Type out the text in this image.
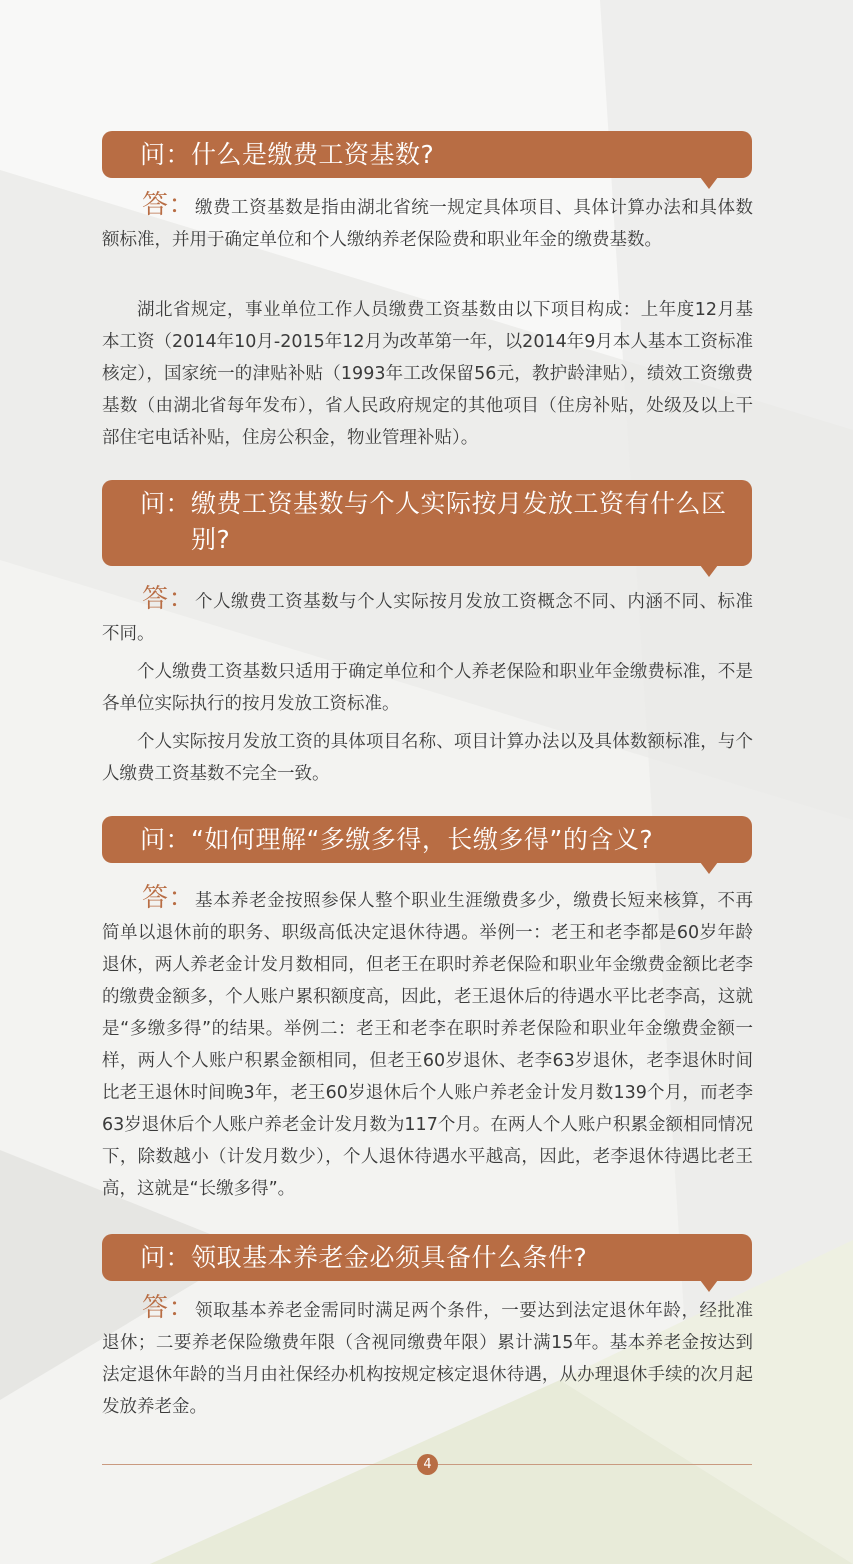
问：什么是缴费工资基数?

答：缴费工资基数是指由湖北省统一规定具体项目、具体计算办法和具体数额标准，并用于确定单位和个人缴纳养老保险费和职业年金的缴费基数。

湖北省规定，事业单位工作人员缴费工资基数由以下项目构成：上年度12月基本工资（2014年10月-2015年12月为改革第一年，以2014年9月本人基本工资标准核定），国家统一的津贴补贴（1993年工改保留56元，教护龄津贴），绩效工资缴费基数（由湖北省每年发布），省人民政府规定的其他项目（住房补贴，处级及以上干部住宅电话补贴，住房公积金，物业管理补贴）。

问： 缴费工资基数与个人实际按月发放工资有什么区别?

答：个人缴费工资基数与个人实际按月发放工资概念不同、内涵不同、标准不同。

个人缴费工资基数只适用于确定单位和个人养老保险和职业年金缴费标准，不是各单位实际执行的按月发放工资标准。

个人实际按月发放工资的具体项目名称、项目计算办法以及具体数额标准，与个人缴费工资基数不完全一致。

问：“如何理解“多缴多得，长缴多得”的含义?

答：基本养老金按照参保人整个职业生涯缴费多少，缴费长短来核算，不再简单以退休前的职务、职级高低决定退休待遇。举例一：老王和老李都是60岁年龄退休，两人养老金计发月数相同，但老王在职时养老保险和职业年金缴费金额比老李的缴费金额多，个人账户累积额度高，因此，老王退休后的待遇水平比老李高，这就是“多缴多得”的结果。举例二：老王和老李在职时养老保险和职业年金缴费金额一样，两人个人账户积累金额相同，但老王60岁退休、老李63岁退休，老李退休时间比老王退休时间晚3年，老王60岁退休后个人账户养老金计发月数139个月，而老李63岁退休后个人账户养老金计发月数为117个月。在两人个人账户积累金额相同情况下，除数越小（计发月数少），个人退休待遇水平越高，因此，老李退休待遇比老王高，这就是“长缴多得”。

问：领取基本养老金必须具备什么条件?

答：领取基本养老金需同时满足两个条件，一要达到法定退休年龄，经批准退休；二要养老保险缴费年限（含视同缴费年限）累计满15年。基本养老金按达到法定退休年龄的当月由社保经办机构按规定核定退休待遇，从办理退休手续的次月起发放养老金。

4
